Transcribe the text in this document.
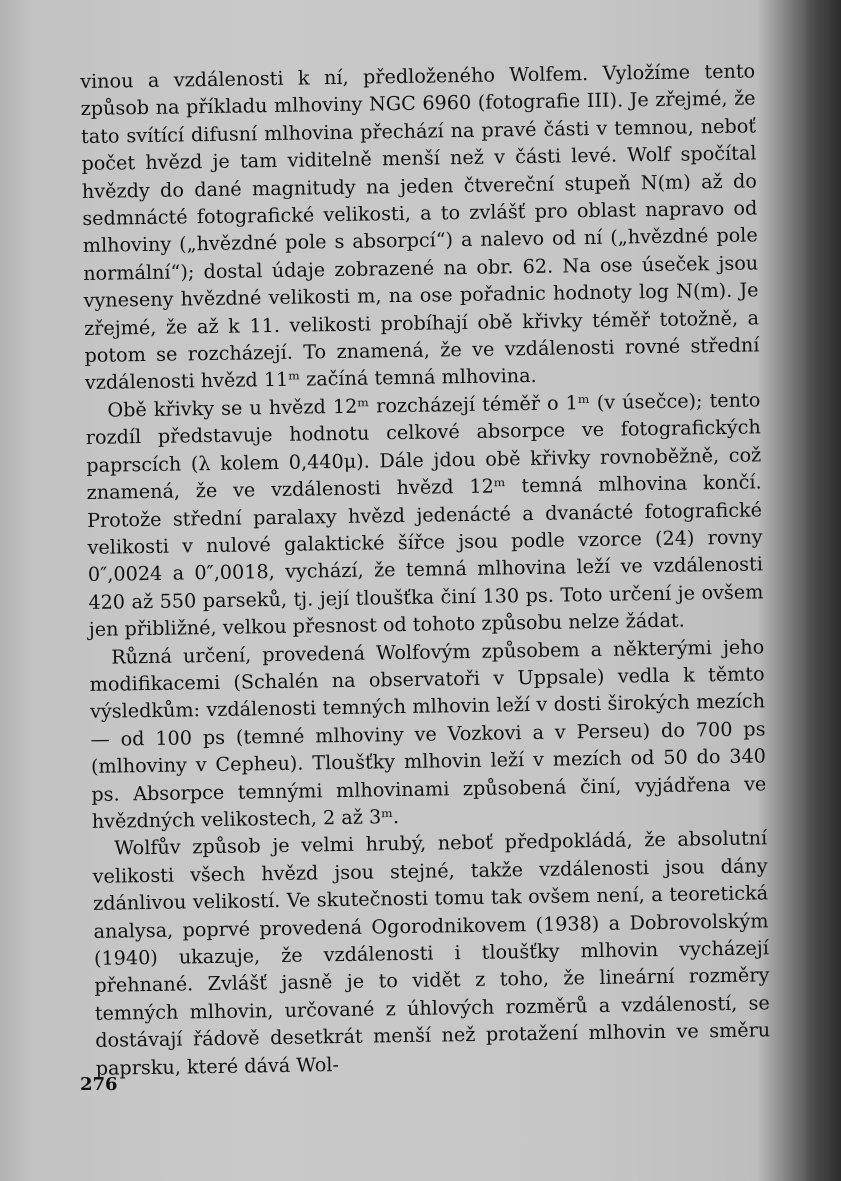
vinou a vzdálenosti k ní, předloženého Wolfem. Vyložíme tento způsob na příkladu mlhoviny NGC 6960 (fotografie III). Je zřejmé, že tato svítící difusní mlhovina přechází na pravé části v temnou, neboť počet hvězd je tam viditelně menší než v části levé. Wolf spočítal hvězdy do dané magnitudy na jeden čtvereční stupeň N(m) až do sedmnácté fotografické velikosti, a to zvlášť pro oblast napravo od mlhoviny („hvězdné pole s absorpcí“) a nalevo od ní („hvězdné pole normální“); dostal údaje zobrazené na obr. 62. Na ose úseček jsou vyneseny hvězdné velikosti m, na ose pořadnic hodnoty log N(m). Je zřejmé, že až k 11. velikosti probíhají obě křivky téměř totožně, a potom se rozcházejí. To znamená, že ve vzdálenosti rovné střední vzdálenosti hvězd 11ᵐ začíná temná mlhovina.

Obě křivky se u hvězd 12ᵐ rozcházejí téměř o 1ᵐ (v úsečce); tento rozdíl představuje hodnotu celkové absorpce ve fotografických paprscích (λ kolem 0,440μ). Dále jdou obě křivky rovnoběžně, což znamená, že ve vzdálenosti hvězd 12ᵐ temná mlhovina končí. Protože střední paralaxy hvězd jedenácté a dvanácté fotografické velikosti v nulové galaktické šířce jsou podle vzorce (24) rovny 0″,0024 a 0″,0018, vychází, že temná mlhovina leží ve vzdálenosti 420 až 550 parseků, tj. její tloušťka činí 130 ps. Toto určení je ovšem jen přibližné, velkou přesnost od tohoto způsobu nelze žádat.

Různá určení, provedená Wolfovým způsobem a některými jeho modifikacemi (Schalén na observatoři v Uppsale) vedla k těmto výsledkům: vzdálenosti temných mlhovin leží v dosti širokých mezích — od 100 ps (temné mlhoviny ve Vozkovi a v Perseu) do 700 ps (mlhoviny v Cepheu). Tloušťky mlhovin leží v mezích od 50 do 340 ps. Absorpce temnými mlhovinami způsobená činí, vyjádřena ve hvězdných velikostech, 2 až 3ᵐ.

Wolfův způsob je velmi hrubý, neboť předpokládá, že absolutní velikosti všech hvězd jsou stejné, takže vzdálenosti jsou dány zdánlivou velikostí. Ve skutečnosti tomu tak ovšem není, a teoretická analysa, poprvé provedená Ogorodnikovem (1938) a Dobrovolským (1940) ukazuje, že vzdálenosti i tloušťky mlhovin vycházejí přehnané. Zvlášť jasně je to vidět z toho, že lineární rozměry temných mlhovin, určované z úhlových rozměrů a vzdáleností, se dostávají řádově desetkrát menší než protažení mlhovin ve směru paprsku, které dává Wol-

276
